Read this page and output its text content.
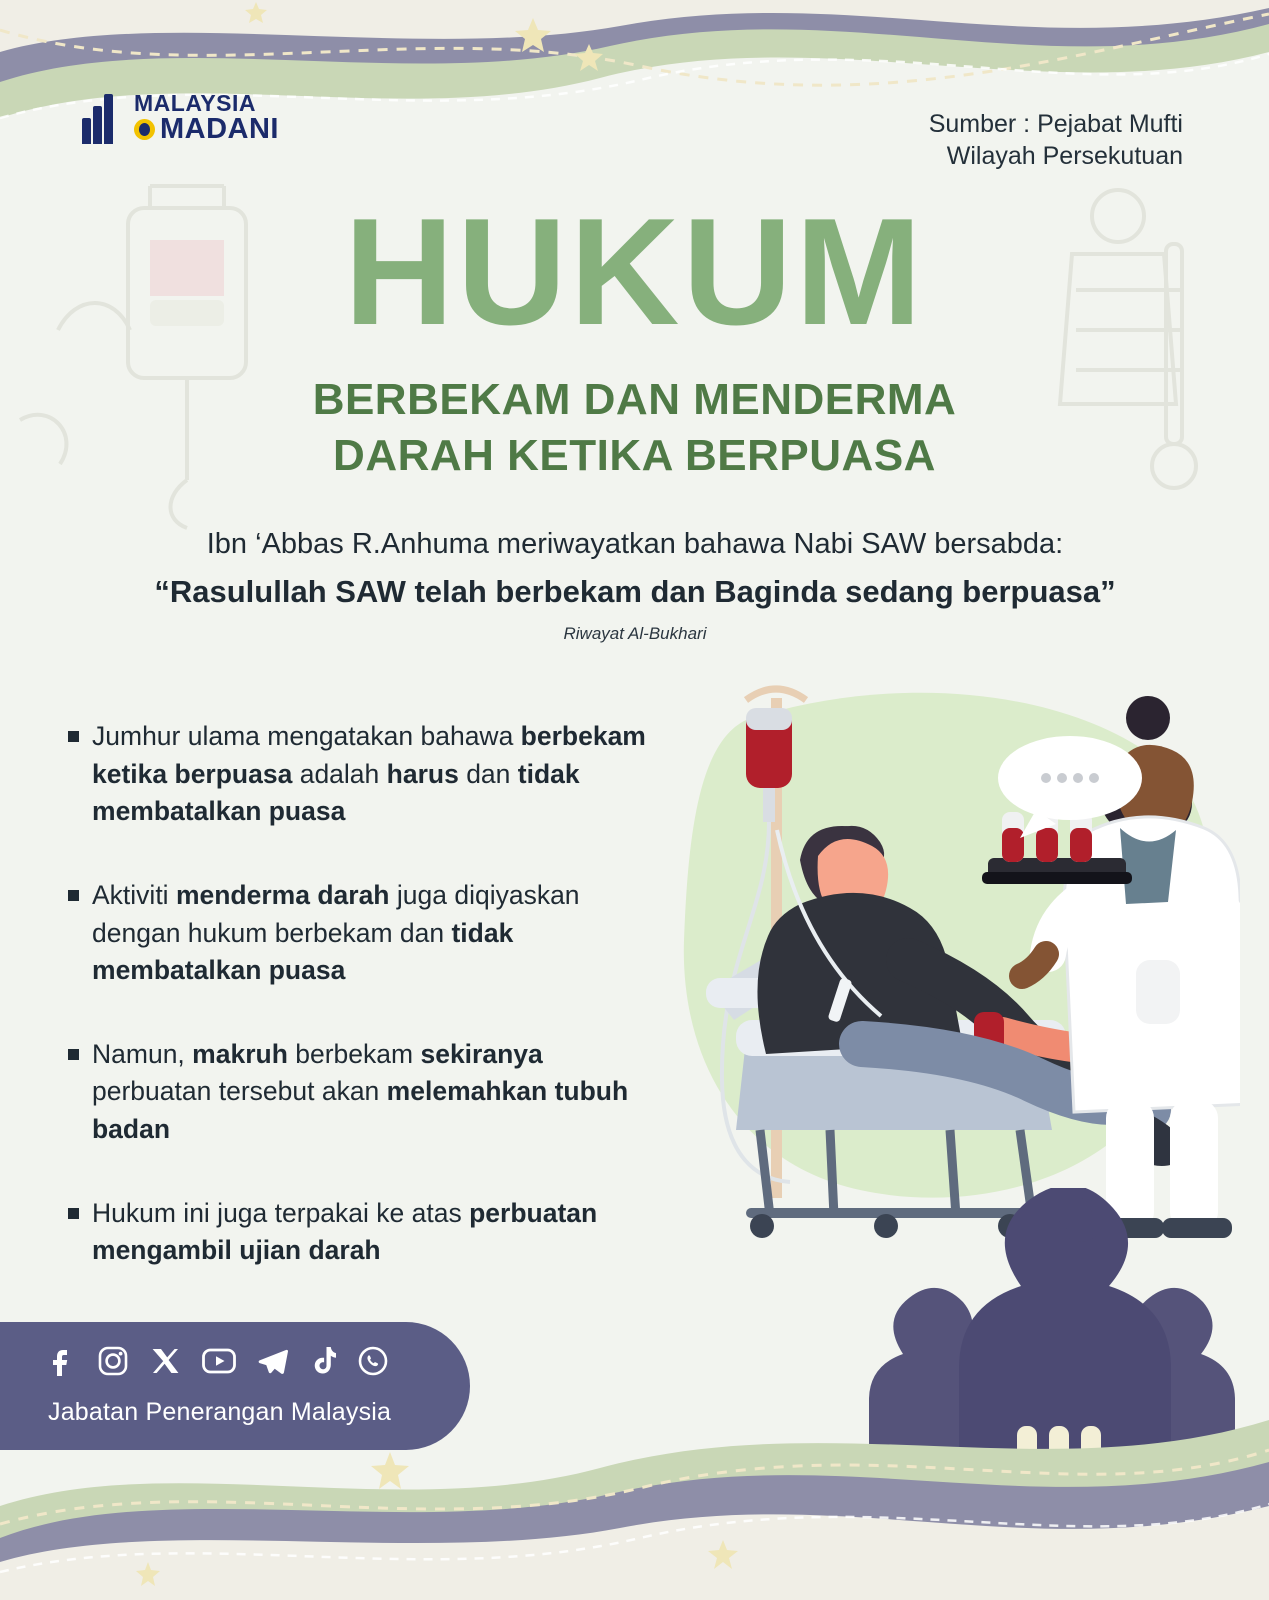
MALAYSIA
MADANI	Sumber : Pejabat Mufti
Wilayah Persekutuan
HUKUM
BERBEKAM DAN MENDERMA
DARAH KETIKA BERPUASA
Ibn ‘Abbas R.Anhuma meriwayatkan bahawa Nabi SAW bersabda:
“Rasulullah SAW telah berbekam dan Baginda sedang berpuasa”
Riwayat Al-Bukhari
Jumhur ulama mengatakan bahawa berbekam ketika berpuasa adalah harus dan tidak membatalkan puasa
Aktiviti menderma darah juga diqiyaskan dengan hukum berbekam dan tidak membatalkan puasa
Namun, makruh berbekam sekiranya perbuatan tersebut akan melemahkan tubuh badan
Hukum ini juga terpakai ke atas perbuatan mengambil ujian darah
Jabatan Penerangan Malaysia
